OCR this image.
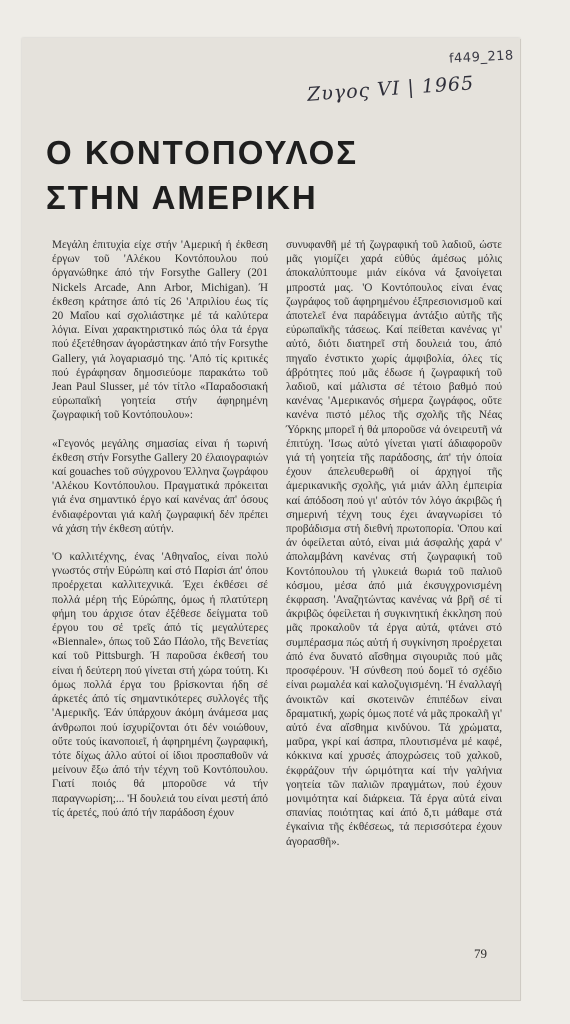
f449_218
Ζυγος VI | 1965
Ο ΚΟΝΤΟΠΟΥΛΟΣ
ΣΤΗΝ ΑΜΕΡΙΚΗ

Μεγάλη έπιτυχία είχε στήν 'Αμερική ή έκθεση έργων τοῦ 'Αλέκου Κοντόπουλου πού όργανώθηκε άπό τήν Forsythe Gallery (201 Nickels Arcade, Ann Arbor, Michigan). Ή έκθεση κράτησε άπό τίς 26 'Απριλίου έως τίς 20 Μαΐου καί σχολιάστηκε μέ τά καλύτερα λόγια. Είναι χαρακτηριστικό πώς όλα τά έργα πού έξετέθησαν άγοράστηκαν άπό τήν Forsythe Gallery, γιά λογαριασμό της. 'Από τίς κριτικές πού έγράφησαν δημοσιεύομε παρακάτω τοῦ Jean Paul Slusser, μέ τόν τίτλο «Παραδοσιακή εύρωπαϊκή γοητεία στήν άφηρημένη ζωγραφική τοῦ Κοντόπουλου»:

«Γεγονός μεγάλης σημασίας είναι ή τωρινή έκθεση στήν Forsythe Gallery 20 έλαιογραφιών καί gouaches τοῦ σύγχρονου Έλληνα ζωγράφου 'Αλέκου Κοντόπουλου. Πραγματικά πρόκειται γιά ένα σημαντικό έργο καί κανένας άπ' όσους ένδιαφέρονται γιά καλή ζωγραφική δέν πρέπει νά χάση τήν έκθεση αύτήν.

'Ο καλλιτέχνης, ένας 'Αθηναΐος, είναι πολύ γνωστός στήν Εύρώπη καί στό Παρίσι άπ' όπου προέρχεται καλλιτεχνικά. Έχει έκθέσει σέ πολλά μέρη τής Εύρώπης, όμως ή πλατύτερη φήμη του άρχισε όταν έξέθεσε δείγματα τοῦ έργου του σέ τρεῖς άπό τίς μεγαλύτερες «Biennale», όπως τοῦ Σάο Πάολο, τῆς Βενετίας καί τοῦ Pittsburgh. Ή παροῦσα έκθεσή του είναι ή δεύτερη πού γίνεται στή χώρα τούτη. Κι όμως πολλά έργα του βρίσκονται ήδη σέ άρκετές άπό τίς σημαντικότερες συλλογές τῆς 'Αμερικῆς. Έάν ύπάρχουν άκόμη άνάμεσα μας άνθρωποι πού ίσχυρίζονται ότι δέν νοιώθουν, οὔτε τούς ίκανοποιεῖ, ή άφηρημένη ζωγραφική, τότε δίχως άλλο αύτοί οί ίδιοι προσπαθοῦν νά μείνουν ἔξω άπό τήν τέχνη τοῦ Κοντόπουλου. Γιατί ποιός θά μποροῦσε νά τήν παραγνωρίση;... 'Η δουλειά του είναι μεστή άπό τίς άρετές, πού άπό τήν παράδοση έχουν

συνυφανθῆ μέ τή ζωγραφική τοῦ λαδιοῦ, ώστε μᾶς γιομίζει χαρά εὐθύς άμέσως μόλις άποκαλύπτουμε μιάν είκόνα νά ξανοίγεται μπροστά μας. 'Ο Κοντόπουλος είναι ένας ζωγράφος τοῦ άφηρημένου έξπρεσιονισμοῦ καί άποτελεῖ ένα παράδειγμα άντάξιο αὐτῆς τῆς εύρωπαϊκῆς τάσεως. Καί πείθεται κανένας γι' αὐτό, διότι διατηρεῖ στή δουλειά του, άπό πηγαῖο ένστικτο χωρίς άμφιβολία, όλες τίς άβρότητες πού μᾶς έδωσε ή ζωγραφική τοῦ λαδιοῦ, καί μάλιστα σέ τέτοιο βαθμό πού κανένας 'Αμερικανός σήμερα ζωγράφος, οὔτε κανένα πιστό μέλος τῆς σχολῆς τῆς Νέας Ύόρκης μπορεῖ ή θά μποροῦσε νά όνειρευτῆ νά έπιτύχη. 'Ισως αὐτό γίνεται γιατί άδιαφοροῦν γιά τή γοητεία τῆς παράδοσης, άπ' τήν όποία έχουν άπελευθερωθῆ οί άρχηγοί τῆς άμερικανικῆς σχολῆς, γιά μιάν άλλη έμπειρία καί άπόδοση πού γι' αὐτόν τόν λόγο άκριβῶς ή σημερινή τέχνη τους έχει άναγνωρίσει τό προβάδισμα στή διεθνή πρωτοπορία. 'Οπου καί άν όφείλεται αὐτό, είναι μιά άσφαλής χαρά ν' άπολαμβάνη κανένας στή ζωγραφική τοῦ Κοντόπουλου τή γλυκειά θωριά τοῦ παλιοῦ κόσμου, μέσα άπό μιά έκσυγχρονισμένη έκφραση. 'Αναζητώντας κανένας νά βρῆ σέ τί άκριβῶς όφείλεται ή συγκινητική έκκληση πού μᾶς προκαλοῦν τά έργα αὐτά, φτάνει στό συμπέρασμα πώς αὐτή ή συγκίνηση προέρχεται άπό ένα δυνατό αἴσθημα σιγουριᾶς πού μᾶς προσφέρουν. 'Η σύνθεση πού δομεῖ τό σχέδιο είναι ρωμαλέα καί καλοζυγισμένη. 'Η έναλλαγή άνοικτῶν καί σκοτεινῶν έπιπέδων είναι δραματική, χωρίς όμως ποτέ νά μᾶς προκαλῆ γι' αὐτό ένα αἴσθημα κινδύνου. Τά χρώματα, μαῦρα, γκρί καί άσπρα, πλουτισμένα μέ καφέ, κόκκινα καί χρυσές άποχρώσεις τοῦ χαλκοῦ, έκφράζουν τήν ώριμότητα καί τήν γαλήνια γοητεία τῶν παλιῶν πραγμάτων, πού έχουν μονιμότητα καί διάρκεια. Τά έργα αὐτά είναι σπανίας ποιότητας καί άπό δ,τι μάθαμε στά έγκαίνια τῆς έκθέσεως, τά περισσότερα έχουν άγορασθῆ».

79
